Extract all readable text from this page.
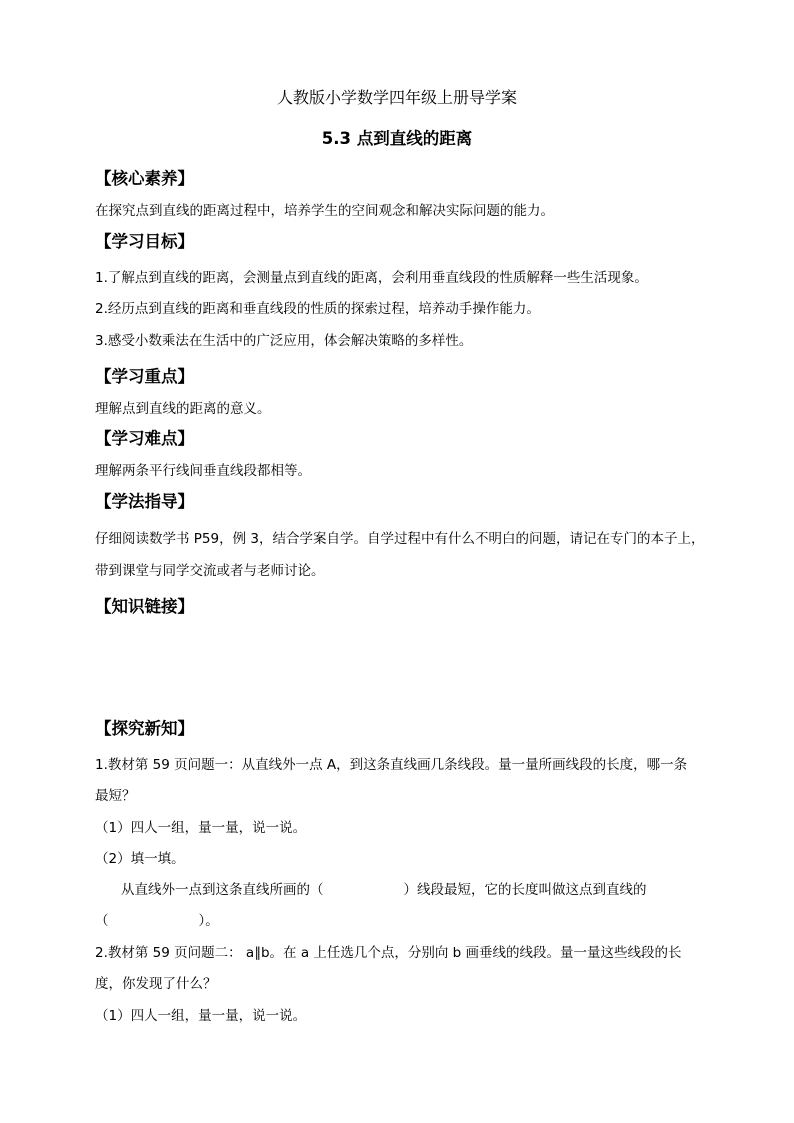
人教版小学数学四年级上册导学案
5.3 点到直线的距离
【核心素养】
在探究点到直线的距离过程中，培养学生的空间观念和解决实际问题的能力。
【学习目标】
1.了解点到直线的距离，会测量点到直线的距离，会利用垂直线段的性质解释一些生活现象。
2.经历点到直线的距离和垂直线段的性质的探索过程，培养动手操作能力。
3.感受小数乘法在生活中的广泛应用，体会解决策略的多样性。
【学习重点】
理解点到直线的距离的意义。
【学习难点】
理解两条平行线间垂直线段都相等。
【学法指导】
仔细阅读数学书 P59，例 3，结合学案自学。自学过程中有什么不明白的问题，请记在专门的本子上，
带到课堂与同学交流或者与老师讨论。
【知识链接】
【探究新知】
1.教材第 59 页问题一：从直线外一点 A，到这条直线画几条线段。量一量所画线段的长度，哪一条
最短？
（1）四人一组，量一量，说一说。
（2）填一填。
从直线外一点到这条直线所画的（	）线段最短，它的长度叫做这点到直线的
（	）。
2.教材第 59 页问题二： a∥b。在 a 上任选几个点，分别向 b 画垂线的线段。量一量这些线段的长
度，你发现了什么？
（1）四人一组，量一量，说一说。
